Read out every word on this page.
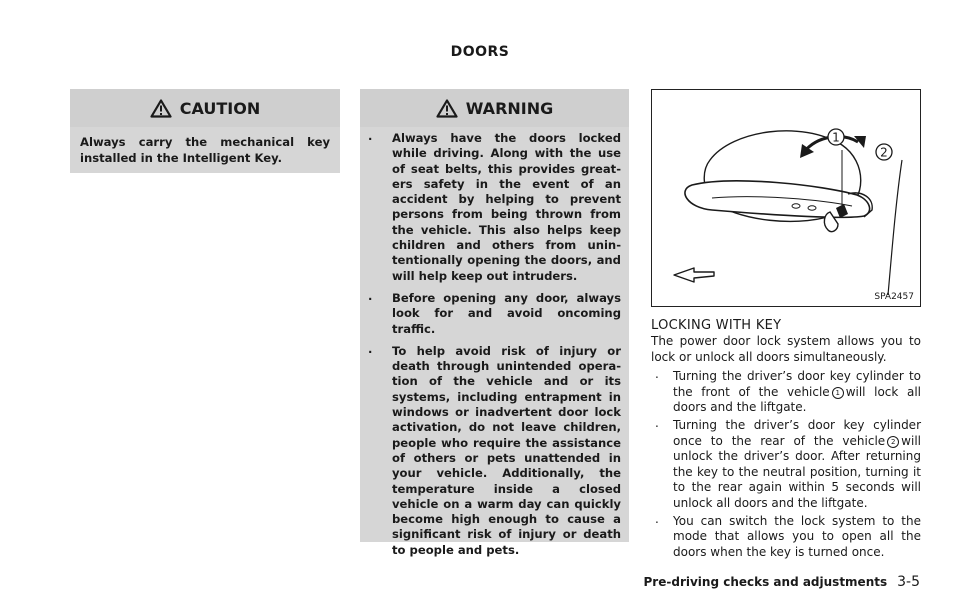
DOORS
CAUTION
Always carry the mechanical key installed in the Intelligent Key.
WARNING
. Always have the doors locked while driving. Along with the use of seat belts, this provides greaters safety in the event of an accident by helping to prevent persons from being thrown from the vehicle. This also helps keep children and others from unintentionally opening the doors, and will help keep out intruders.
. Before opening any door, always look for and avoid oncoming traffic.
. To help avoid risk of injury or death through unintended operation of the vehicle and or its systems, including entrapment in windows or inadvertent door lock activation, do not leave children, people who require the assistance of others or pets unattended in your vehicle. Additionally, the temperature inside a closed vehicle on a warm day can quickly become high enough to cause a significant risk of injury or death to people and pets.
1
2
SPA2457
LOCKING WITH KEY

The power door lock system allows you to lock or unlock all doors simultaneously.

. Turning the driver’s door key cylinder to the front of the vehicle 1 will lock all doors and the liftgate.
. Turning the driver’s door key cylinder once to the rear of the vehicle 2 will unlock the driver’s door. After returning the key to the neutral position, turning it to the rear again within 5 seconds will unlock all doors and the liftgate.
. You can switch the lock system to the mode that allows you to open all the doors when the key is turned once.
Pre-driving checks and adjustments 3-5
